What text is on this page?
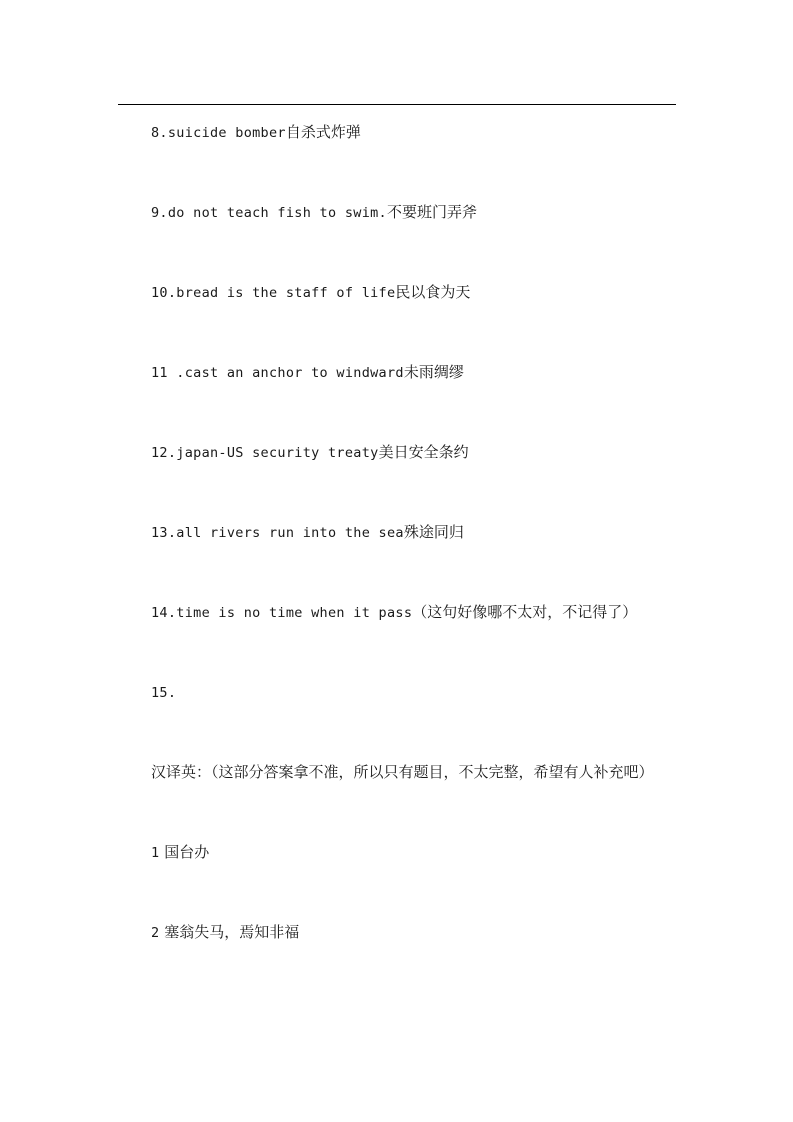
8.suicide bomber自杀式炸弹
9.do not teach fish to swim.不要班门弄斧
10.bread is the staff of life民以食为天
11 .cast an anchor to windward未雨绸缪
12.japan-US security treaty美日安全条约
13.all rivers run into the sea殊途同归
14.time is no time when it pass（这句好像哪不太对，不记得了）
15.
汉译英：（这部分答案拿不准，所以只有题目，不太完整，希望有人补充吧）
1 国台办
2 塞翁失马，焉知非福
